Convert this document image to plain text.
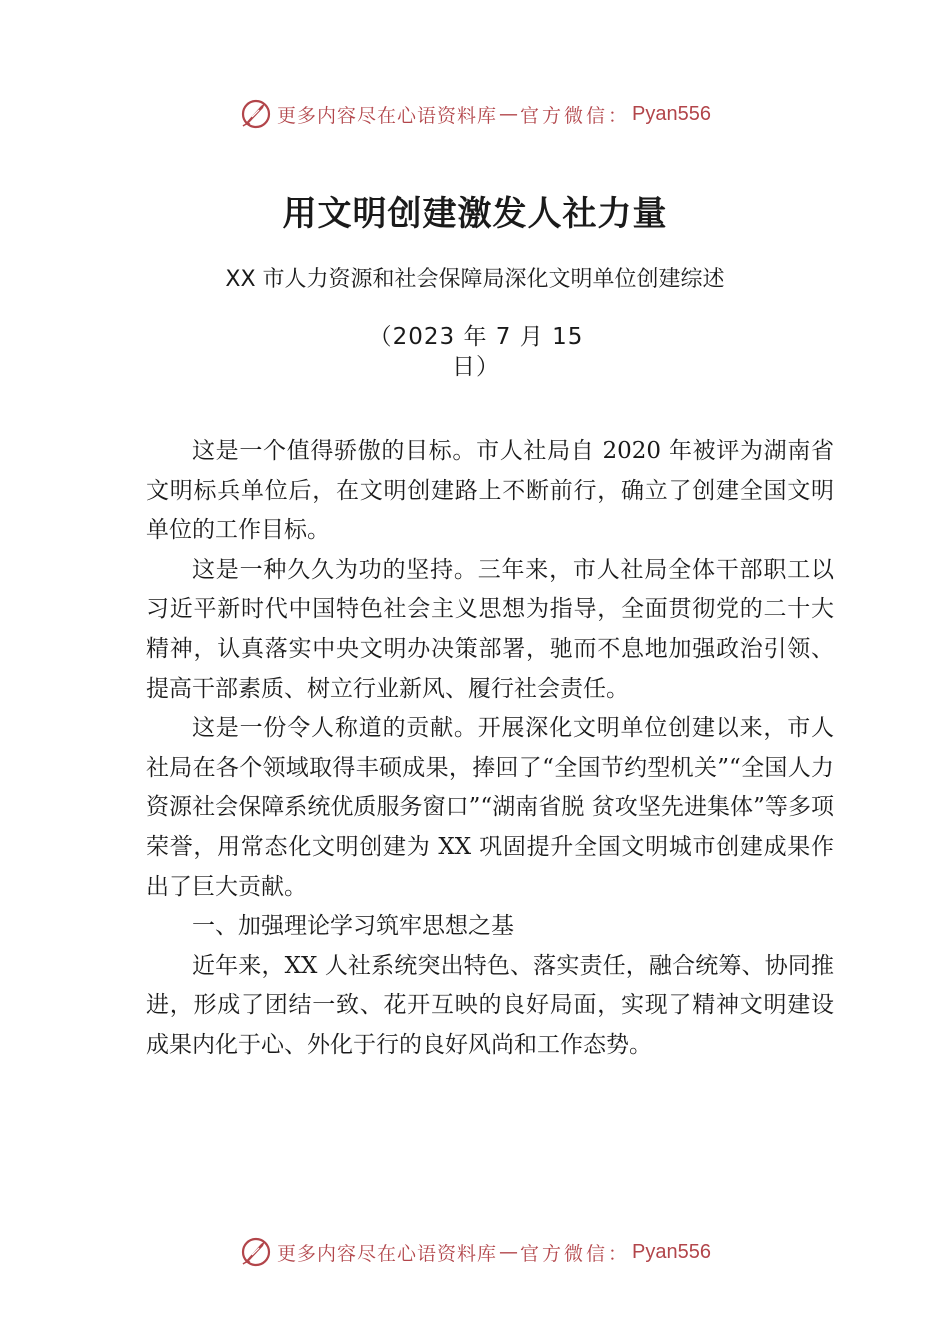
更多内容尽在心语资料库 — 官方微信： Pyan556
用文明创建激发人社力量
XX 市人力资源和社会保障局深化文明单位创建综述
（2023 年 7 月 15 日）

这是一个值得骄傲的目标。市人社局自 2020 年被评为湖南省文明标兵单位后，在文明创建路上不断前行，确立了创建全国文明单位的工作目标。

这是一种久久为功的坚持。三年来，市人社局全体干部职工以习近平新时代中国特色社会主义思想为指导，全面贯彻党的二十大精神，认真落实中央文明办决策部署，驰而不息地加强政治引领、提高干部素质、树立行业新风、履行社会责任。

这是一份令人称道的贡献。开展深化文明单位创建以来，市人社局在各个领域取得丰硕成果，捧回了“全国节约型机关”“全国人力资源社会保障系统优质服务窗口”“湖南省脱 贫攻坚先进集体”等多项荣誉，用常态化文明创建为 XX 巩固提升全国文明城市创建成果作出了巨大贡献。

一、加强理论学习筑牢思想之基

近年来，XX 人社系统突出特色、落实责任，融合统筹、协同推进，形成了团结一致、花开互映的良好局面，实现了精神文明建设成果内化于心、外化于行的良好风尚和工作态势。

更多内容尽在心语资料库 — 官方微信： Pyan556
